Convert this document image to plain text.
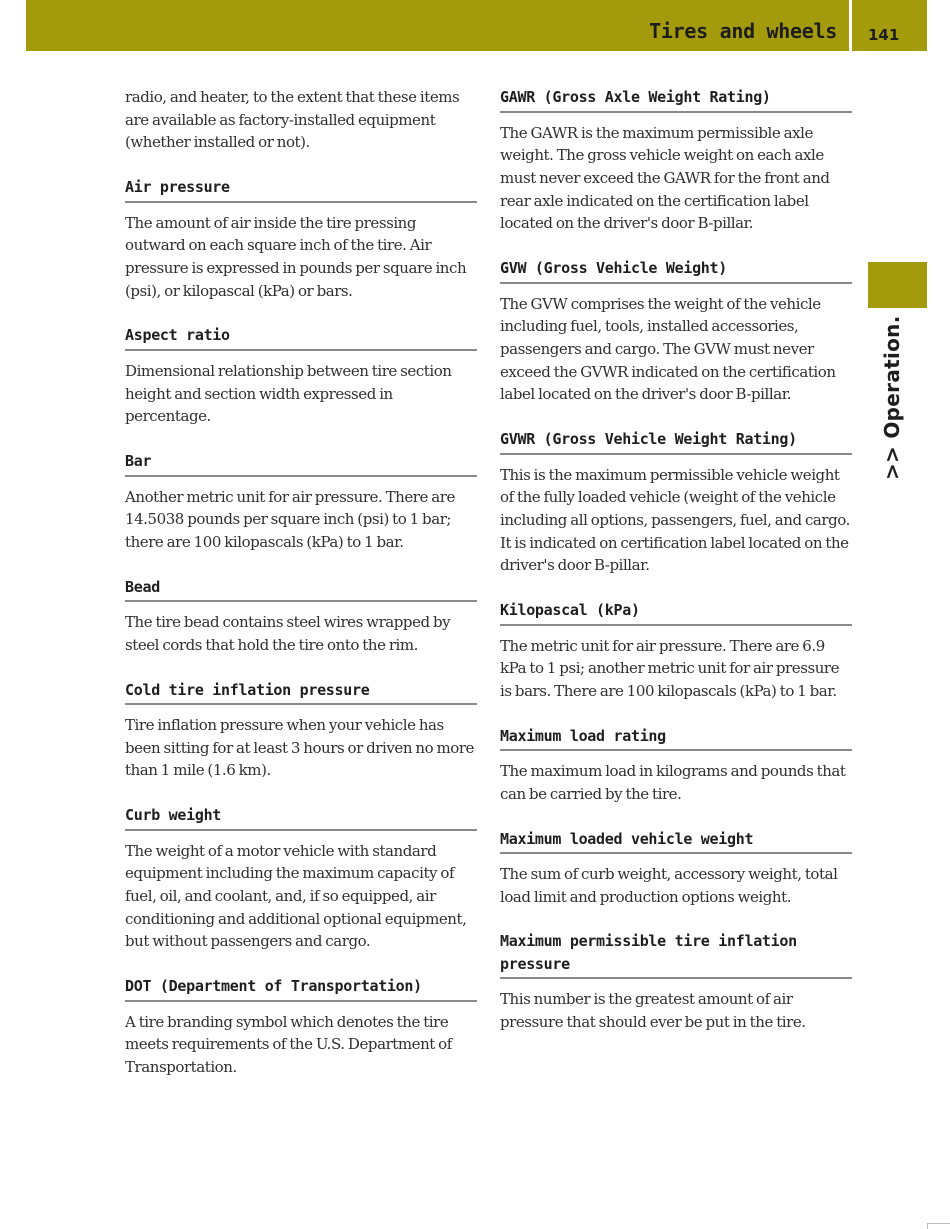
Tires and wheels 141
>> Operation.

radio, and heater, to the extent that these items are available as factory-installed equipment (whether installed or not).

Air pressure

The amount of air inside the tire pressing outward on each square inch of the tire. Air pressure is expressed in pounds per square inch (psi), or kilopascal (kPa) or bars.

Aspect ratio

Dimensional relationship between tire section height and section width expressed in percentage.

Bar

Another metric unit for air pressure. There are 14.5038 pounds per square inch (psi) to 1 bar; there are 100 kilopascals (kPa) to 1 bar.

Bead

The tire bead contains steel wires wrapped by steel cords that hold the tire onto the rim.

Cold tire inflation pressure

Tire inflation pressure when your vehicle has been sitting for at least 3 hours or driven no more than 1 mile (1.6 km).

Curb weight

The weight of a motor vehicle with standard equipment including the maximum capacity of fuel, oil, and coolant, and, if so equipped, air conditioning and additional optional equipment, but without passengers and cargo.

DOT (Department of Transportation)

A tire branding symbol which denotes the tire meets requirements of the U.S. Department of Transportation.

GAWR (Gross Axle Weight Rating)

The GAWR is the maximum permissible axle weight. The gross vehicle weight on each axle must never exceed the GAWR for the front and rear axle indicated on the certification label located on the driver's door B-pillar.

GVW (Gross Vehicle Weight)

The GVW comprises the weight of the vehicle including fuel, tools, installed accessories, passengers and cargo. The GVW must never exceed the GVWR indicated on the certification label located on the driver's door B-pillar.

GVWR (Gross Vehicle Weight Rating)

This is the maximum permissible vehicle weight of the fully loaded vehicle (weight of the vehicle including all options, passengers, fuel, and cargo. It is indicated on certification label located on the driver's door B-pillar.

Kilopascal (kPa)

The metric unit for air pressure. There are 6.9 kPa to 1 psi; another metric unit for air pressure is bars. There are 100 kilopascals (kPa) to 1 bar.

Maximum load rating

The maximum load in kilograms and pounds that can be carried by the tire.

Maximum loaded vehicle weight

The sum of curb weight, accessory weight, total load limit and production options weight.

Maximum permissible tire inflation pressure

This number is the greatest amount of air pressure that should ever be put in the tire.
